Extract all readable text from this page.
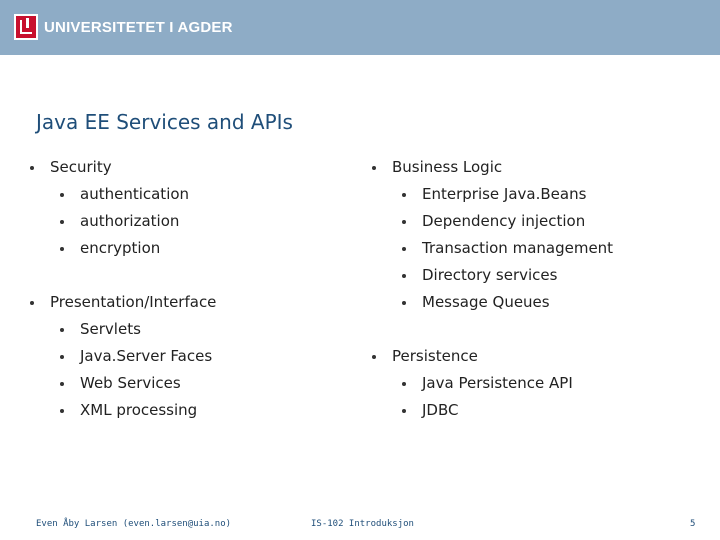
UNIVERSITETET I AGDER
Java EE Services and APIs
Security
authentication
authorization
encryption
Presentation/Interface
Servlets
Java.Server Faces
Web Services
XML processing
Business Logic
Enterprise Java.Beans
Dependency injection
Transaction management
Directory services
Message Queues
Persistence
Java Persistence API
JDBC
Even Åby Larsen (even.larsen@uia.no)	IS-102 Introduksjon	5
